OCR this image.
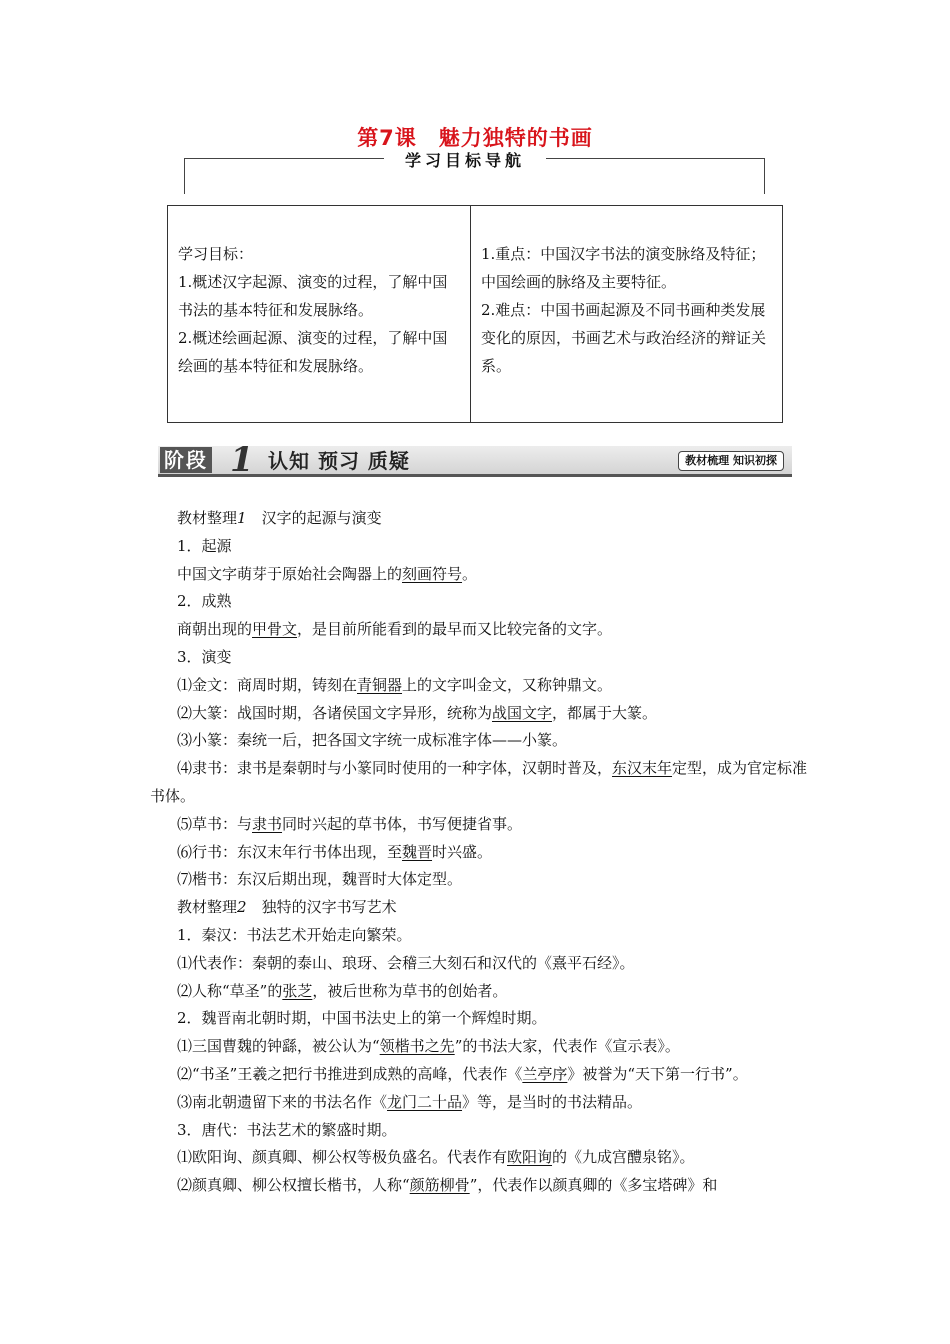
第7课　魅力独特的书画
学习目标导航

学习目标：

1.概述汉字起源、演变的过程，了解中国书法的基本特征和发展脉络。

2.概述绘画起源、演变的过程，了解中国绘画的基本特征和发展脉络。

1.重点：中国汉字书法的演变脉络及特征；中国绘画的脉络及主要特征。

2.难点：中国书画起源及不同书画种类发展变化的原因，书画艺术与政治经济的辩证关系。

阶段 1 认知 预习 质疑	教材梳理 知识初探

教材整理1　汉字的起源与演变

1．起源

中国文字萌芽于原始社会陶器上的刻画符号。

2．成熟

商朝出现的甲骨文，是目前所能看到的最早而又比较完备的文字。

3．演变

⑴金文：商周时期，铸刻在青铜器上的文字叫金文，又称钟鼎文。

⑵大篆：战国时期，各诸侯国文字异形，统称为战国文字，都属于大篆。

⑶小篆：秦统一后，把各国文字统一成标准字体——小篆。

⑷隶书：隶书是秦朝时与小篆同时使用的一种字体，汉朝时普及，东汉末年定型，成为官定标准书体。

⑸草书：与隶书同时兴起的草书体，书写便捷省事。

⑹行书：东汉末年行书体出现，至魏晋时兴盛。

⑺楷书：东汉后期出现，魏晋时大体定型。

教材整理2　独特的汉字书写艺术

1．秦汉：书法艺术开始走向繁荣。

⑴代表作：秦朝的泰山、琅玡、会稽三大刻石和汉代的《熹平石经》。

⑵人称“草圣”的张芝，被后世称为草书的创始者。

2．魏晋南北朝时期，中国书法史上的第一个辉煌时期。

⑴三国曹魏的钟繇，被公认为“领楷书之先”的书法大家，代表作《宣示表》。

⑵“书圣”王羲之把行书推进到成熟的高峰，代表作《兰亭序》被誉为“天下第一行书”。

⑶南北朝遗留下来的书法名作《龙门二十品》等，是当时的书法精品。

3．唐代：书法艺术的繁盛时期。

⑴欧阳询、颜真卿、柳公权等极负盛名。代表作有欧阳询的《九成宫醴泉铭》。

⑵颜真卿、柳公权擅长楷书，人称“颜筋柳骨”，代表作以颜真卿的《多宝塔碑》和
